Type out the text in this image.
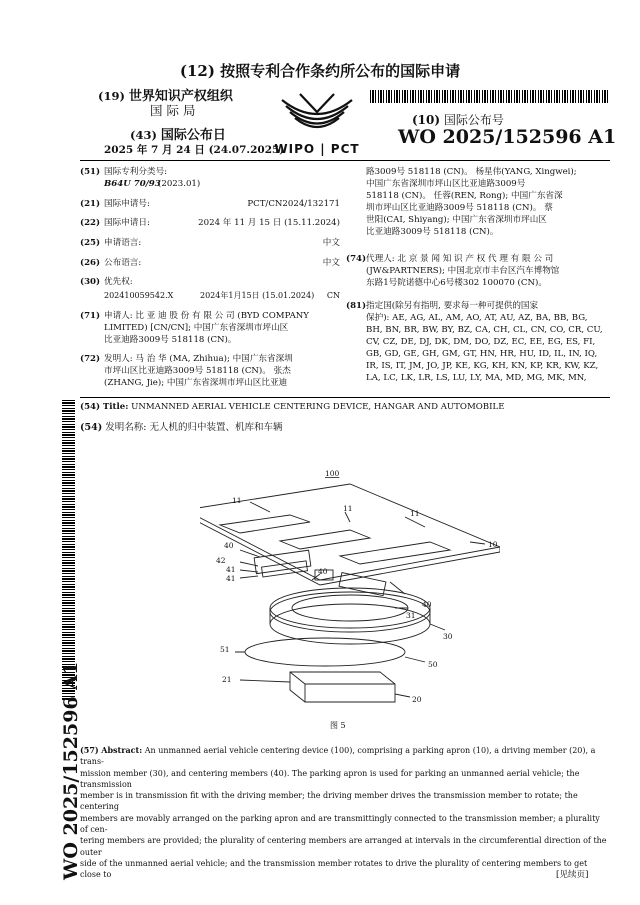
(12) 按照专利合作条约所公布的国际申请
(19) 世界知识产权组织
国 际 局
(43) 国际公布日
2025 年 7 月 24 日 (24.07.2025)
WIPO | PCT
(10) 国际公布号
WO 2025/152596 A1
(51) 国际专利分类号:
B64U 70/93
(2023.01)
(21) 国际申请号:	PCT/CN2024/132171
(22) 国际申请日:	2024 年 11 月 15 日 (15.11.2024)
(25) 申请语言:	中文
(26) 公布语言:	中文
(30) 优先权:
202410059542.X	2024年1月15日 (15.01.2024) CN
(71) 申请人: 比 亚 迪 股 份 有 限 公 司 (BYD COMPANY
LIMITED) [CN/CN]; 中国广东省深圳市坪山区
比亚迪路3009号 518118 (CN)。
(72) 发明人: 马 治 华 (MA, Zhihua); 中国广东省深圳
市坪山区比亚迪路3009号 518118 (CN)。 张杰
(ZHANG, Jie); 中国广东省深圳市坪山区比亚迪
路3009号 518118 (CN)。 杨星伟(YANG, Xingwei);
中国广东省深圳市坪山区比亚迪路3009号
518118 (CN)。 任蓉(REN, Rong); 中国广东省深
圳市坪山区比亚迪路3009号 518118 (CN)。 蔡
世阳(CAI, Shiyang); 中国广东省深圳市坪山区
比亚迪路3009号 518118 (CN)。
(74) 代理人: 北 京 景 闻 知 识 产 权 代 理 有 限 公 司
(JW&PARTNERS); 中国北京市丰台区汽车博物馆
东路1号院诺德中心6号楼302 100070 (CN)。
(81) 指定国(除另有指明, 要求每一种可提供的国家
保护): AE, AG, AL, AM, AO, AT, AU, AZ, BA, BB, BG,
BH, BN, BR, BW, BY, BZ, CA, CH, CL, CN, CO, CR, CU,
CV, CZ, DE, DJ, DK, DM, DO, DZ, EC, EE, EG, ES, FI,
GB, GD, GE, GH, GM, GT, HN, HR, HU, ID, IL, IN, IQ,
IR, IS, IT, JM, JO, JP, KE, KG, KH, KN, KP, KR, KW, KZ,
LA, LC, LK, LR, LS, LU, LY, MA, MD, MG, MK, MN,
WO 2025/152596 A1
(54) Title: UNMANNED AERIAL VEHICLE CENTERING DEVICE, HANGAR AND AUTOMOBILE
(54) 发明名称: 无人机的归中装置、机库和车辆
100
11
11
11
10
40
42
41
41
40
40
31
30
51
50
21
20
图 5
(57) Abstract: An unmanned aerial vehicle centering device (100), comprising a parking apron (10), a driving member (20), a trans-
mission member (30), and centering members (40). The parking apron is used for parking an unmanned aerial vehicle; the transmission
member is in transmission fit with the driving member; the driving member drives the transmission member to rotate; the centering
members are movably arranged on the parking apron and are transmittingly connected to the transmission member; a plurality of cen-
tering members are provided; the plurality of centering members are arranged at intervals in the circumferential direction of the outer
side of the unmanned aerial vehicle; and the transmission member rotates to drive the plurality of centering members to get close to	[见续页]
